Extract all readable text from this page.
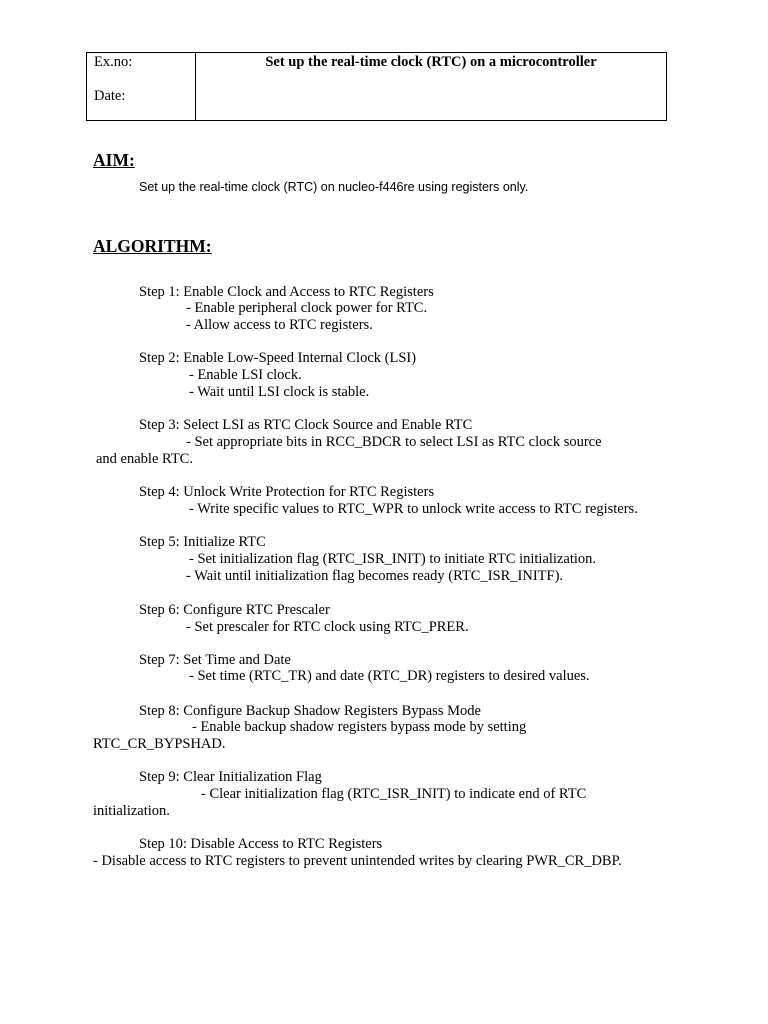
Ex.no:
Date:
Set up the real-time clock (RTC) on a microcontroller
AIM:
Set up the real-time clock (RTC) on nucleo-f446re using registers only.
ALGORITHM:
Step 1: Enable Clock and Access to RTC Registers
- Enable peripheral clock power for RTC.
- Allow access to RTC registers.
Step 2: Enable Low-Speed Internal Clock (LSI)
- Enable LSI clock.
- Wait until LSI clock is stable.
Step 3: Select LSI as RTC Clock Source and Enable RTC
- Set appropriate bits in RCC_BDCR to select LSI as RTC clock source
and enable RTC.
Step 4: Unlock Write Protection for RTC Registers
- Write specific values to RTC_WPR to unlock write access to RTC registers.
Step 5: Initialize RTC
- Set initialization flag (RTC_ISR_INIT) to initiate RTC initialization.
- Wait until initialization flag becomes ready (RTC_ISR_INITF).
Step 6: Configure RTC Prescaler
- Set prescaler for RTC clock using RTC_PRER.
Step 7: Set Time and Date
- Set time (RTC_TR) and date (RTC_DR) registers to desired values.
Step 8: Configure Backup Shadow Registers Bypass Mode
- Enable backup shadow registers bypass mode by setting
RTC_CR_BYPSHAD.
Step 9: Clear Initialization Flag
- Clear initialization flag (RTC_ISR_INIT) to indicate end of RTC
initialization.
Step 10: Disable Access to RTC Registers
- Disable access to RTC registers to prevent unintended writes by clearing PWR_CR_DBP.
